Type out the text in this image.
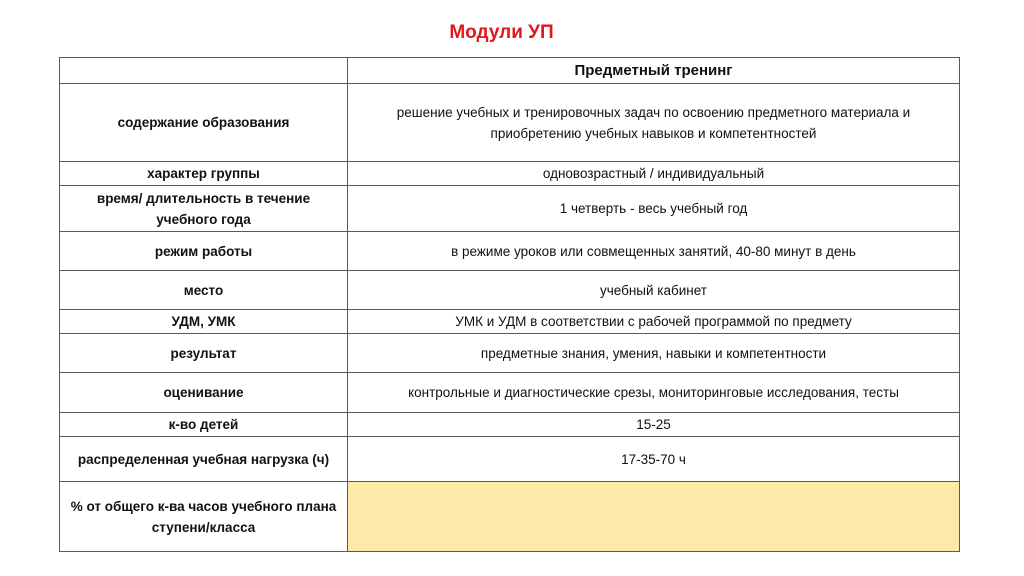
Модули УП
	Предметный тренинг
содержание образования	решение учебных и тренировочных задач по освоению предметного материала и приобретению учебных навыков и компетентностей
характер группы	одновозрастный / индивидуальный
время/ длительность в течение учебного года	1 четверть - весь учебный год
режим работы	в режиме уроков или совмещенных занятий, 40-80 минут в день
место	учебный кабинет
УДМ, УМК	УМК и УДМ в соответствии с рабочей программой по предмету
результат	предметные знания, умения, навыки и компетентности
оценивание	контрольные и диагностические срезы, мониторинговые исследования, тесты
к-во детей	15-25
распределенная учебная нагрузка (ч)	17-35-70 ч
% от общего к-ва часов учебного плана ступени/класса	
